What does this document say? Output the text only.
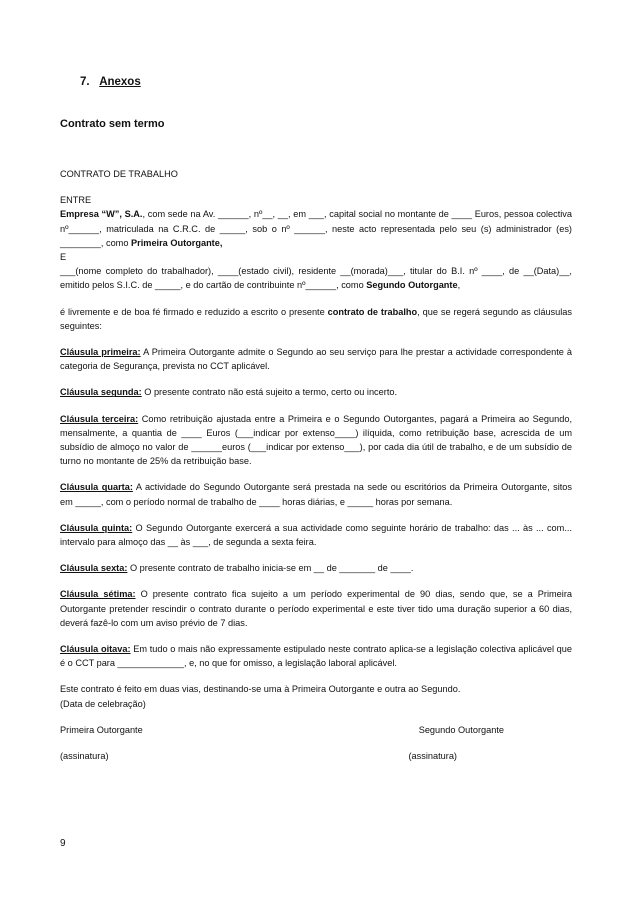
7. Anexos
Contrato sem termo

CONTRATO DE TRABALHO

ENTRE

Empresa “W”, S.A., com sede na Av. ______, nº__, __, em ___, capital social no montante de ____ Euros, pessoa colectiva nº______, matriculada na C.R.C. de _____, sob o nº ______, neste acto representada pelo seu (s) administrador (es) ________, como Primeira Outorgante,

E

___(nome completo do trabalhador), ____(estado civil), residente __(morada)___, titular do B.I. nº ____, de __(Data)__, emitido pelos S.I.C. de _____, e do cartão de contribuinte nº______, como Segundo Outorgante,

é livremente e de boa fé firmado e reduzido a escrito o presente contrato de trabalho, que se regerá segundo as cláusulas seguintes:

Cláusula primeira: A Primeira Outorgante admite o Segundo ao seu serviço para lhe prestar a actividade correspondente à categoria de Segurança, prevista no CCT aplicável.

Cláusula segunda: O presente contrato não está sujeito a termo, certo ou incerto.

Cláusula terceira: Como retribuição ajustada entre a Primeira e o Segundo Outorgantes, pagará a Primeira ao Segundo, mensalmente, a quantia de ____ Euros (___indicar por extenso____) ilíquida, como retribuição base, acrescida de um subsídio de almoço no valor de ______euros (___indicar por extenso___), por cada dia útil de trabalho, e de um subsídio de turno no montante de 25% da retribuição base.

Cláusula quarta: A actividade do Segundo Outorgante será prestada na sede ou escritórios da Primeira Outorgante, sitos em _____, com o período normal de trabalho de ____ horas diárias, e _____ horas por semana.

Cláusula quinta: O Segundo Outorgante exercerá a sua actividade como seguinte horário de trabalho: das ... às ... com... intervalo para almoço das __ às ___, de segunda a sexta feira.

Cláusula sexta: O presente contrato de trabalho inicia-se em __ de _______ de ____.

Cláusula sétima: O presente contrato fica sujeito a um período experimental de 90 dias, sendo que, se a Primeira Outorgante pretender rescindir o contrato durante o período experimental e este tiver tido uma duração superior a 60 dias, deverá fazê-lo com um aviso prévio de 7 dias.

Cláusula oitava: Em tudo o mais não expressamente estipulado neste contrato aplica-se a legislação colectiva aplicável que é o CCT para _____________, e, no que for omisso, a legislação laboral aplicável.

Este contrato é feito em duas vias, destinando-se uma à Primeira Outorgante e outra ao Segundo.

(Data de celebração)

Primeira Outorgante	Segundo Outorgante
(assinatura)	(assinatura)
9
